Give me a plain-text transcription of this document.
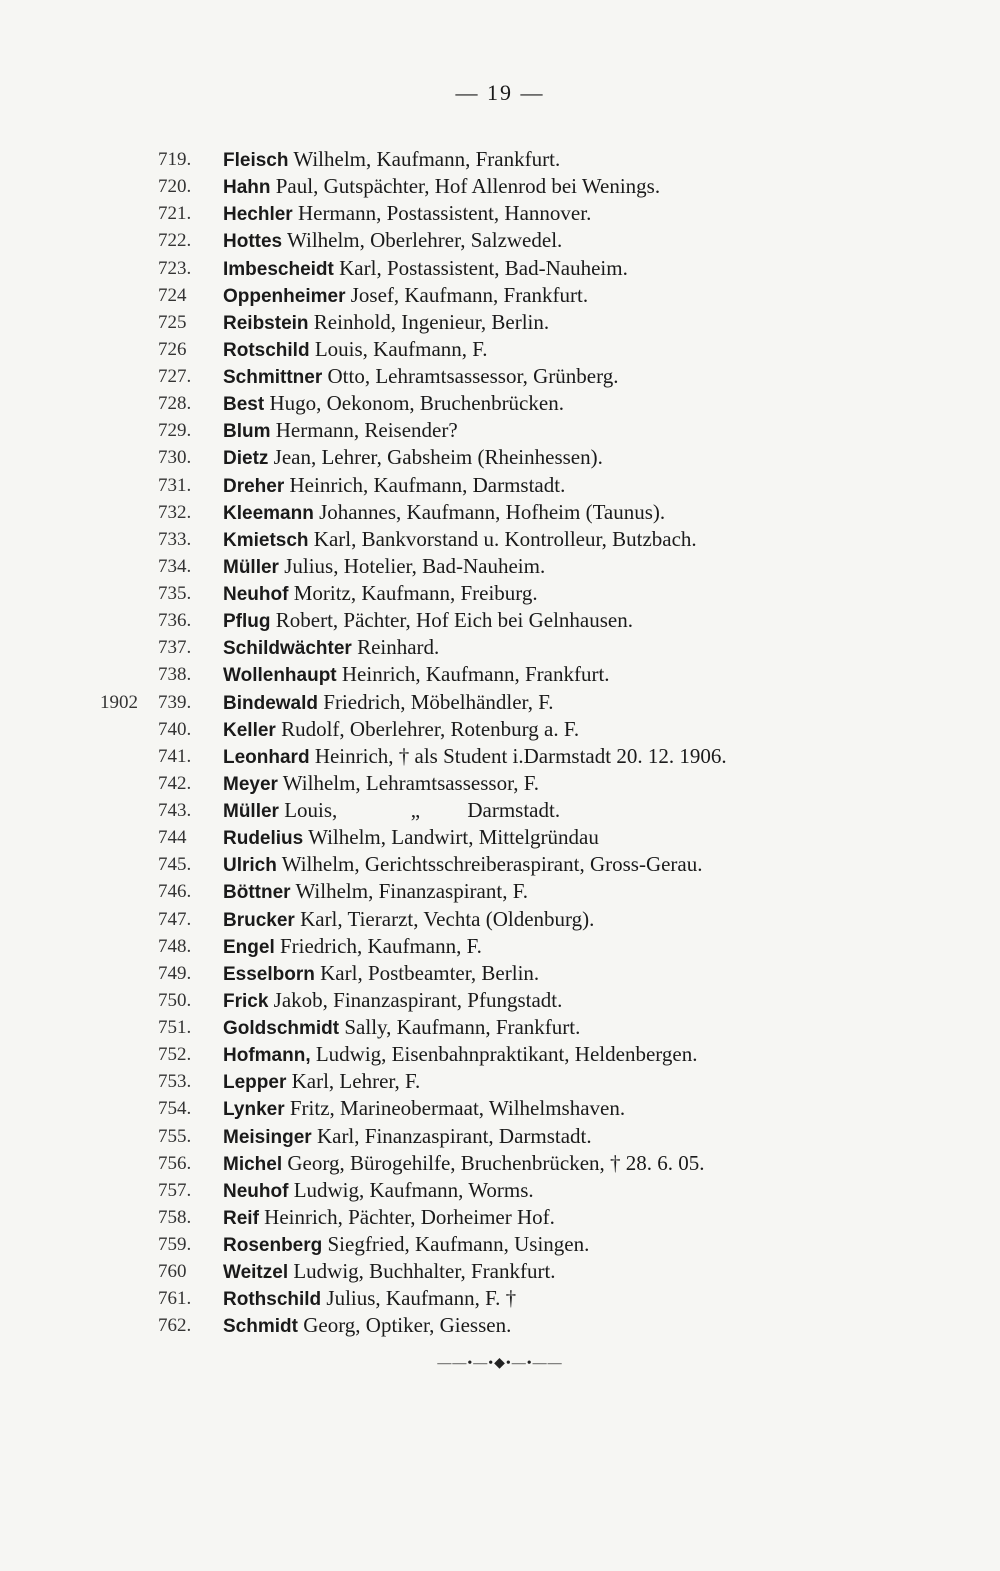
— 19 —
719.	Fleisch Wilhelm, Kaufmann, Frankfurt.
720.	Hahn Paul, Gutspächter, Hof Allenrod bei Wenings.
721.	Hechler Hermann, Postassistent, Hannover.
722.	Hottes Wilhelm, Oberlehrer, Salzwedel.
723.	Imbescheidt Karl, Postassistent, Bad-Nauheim.
724	Oppenheimer Josef, Kaufmann, Frankfurt.
725	Reibstein Reinhold, Ingenieur, Berlin.
726	Rotschild Louis, Kaufmann, F.
727.	Schmittner Otto, Lehramtsassessor, Grünberg.
728.	Best Hugo, Oekonom, Bruchenbrücken.
729.	Blum Hermann, Reisender?
730.	Dietz Jean, Lehrer, Gabsheim (Rheinhessen).
731.	Dreher Heinrich, Kaufmann, Darmstadt.
732.	Kleemann Johannes, Kaufmann, Hofheim (Taunus).
733.	Kmietsch Karl, Bankvorstand u. Kontrolleur, Butzbach.
734.	Müller Julius, Hotelier, Bad-Nauheim.
735.	Neuhof Moritz, Kaufmann, Freiburg.
736.	Pflug Robert, Pächter, Hof Eich bei Gelnhausen.
737.	Schildwächter Reinhard.
738.	Wollenhaupt Heinrich, Kaufmann, Frankfurt.
1902	739.	Bindewald Friedrich, Möbelhändler, F.
740.	Keller Rudolf, Oberlehrer, Rotenburg a. F.
741.	Leonhard Heinrich, † als Student i.Darmstadt 20. 12. 1906.
742.	Meyer Wilhelm, Lehramtsassessor, F.
743.	Müller Louis,              „         Darmstadt.
744	Rudelius Wilhelm, Landwirt, Mittelgründau
745.	Ulrich Wilhelm, Gerichtsschreiberaspirant, Gross-Gerau.
746.	Böttner Wilhelm, Finanzaspirant, F.
747.	Brucker Karl, Tierarzt, Vechta (Oldenburg).
748.	Engel Friedrich, Kaufmann, F.
749.	Esselborn Karl, Postbeamter, Berlin.
750.	Frick Jakob, Finanzaspirant, Pfungstadt.
751.	Goldschmidt Sally, Kaufmann, Frankfurt.
752.	Hofmann, Ludwig, Eisenbahnpraktikant, Heldenbergen.
753.	Lepper Karl, Lehrer, F.
754.	Lynker Fritz, Marineobermaat, Wilhelmshaven.
755.	Meisinger Karl, Finanzaspirant, Darmstadt.
756.	Michel Georg, Bürogehilfe, Bruchenbrücken, † 28. 6. 05.
757.	Neuhof Ludwig, Kaufmann, Worms.
758.	Reif Heinrich, Pächter, Dorheimer Hof.
759.	Rosenberg Siegfried, Kaufmann, Usingen.
760	Weitzel Ludwig, Buchhalter, Frankfurt.
761.	Rothschild Julius, Kaufmann, F. †
762.	Schmidt Georg, Optiker, Giessen.
——•—•◆•—•——
